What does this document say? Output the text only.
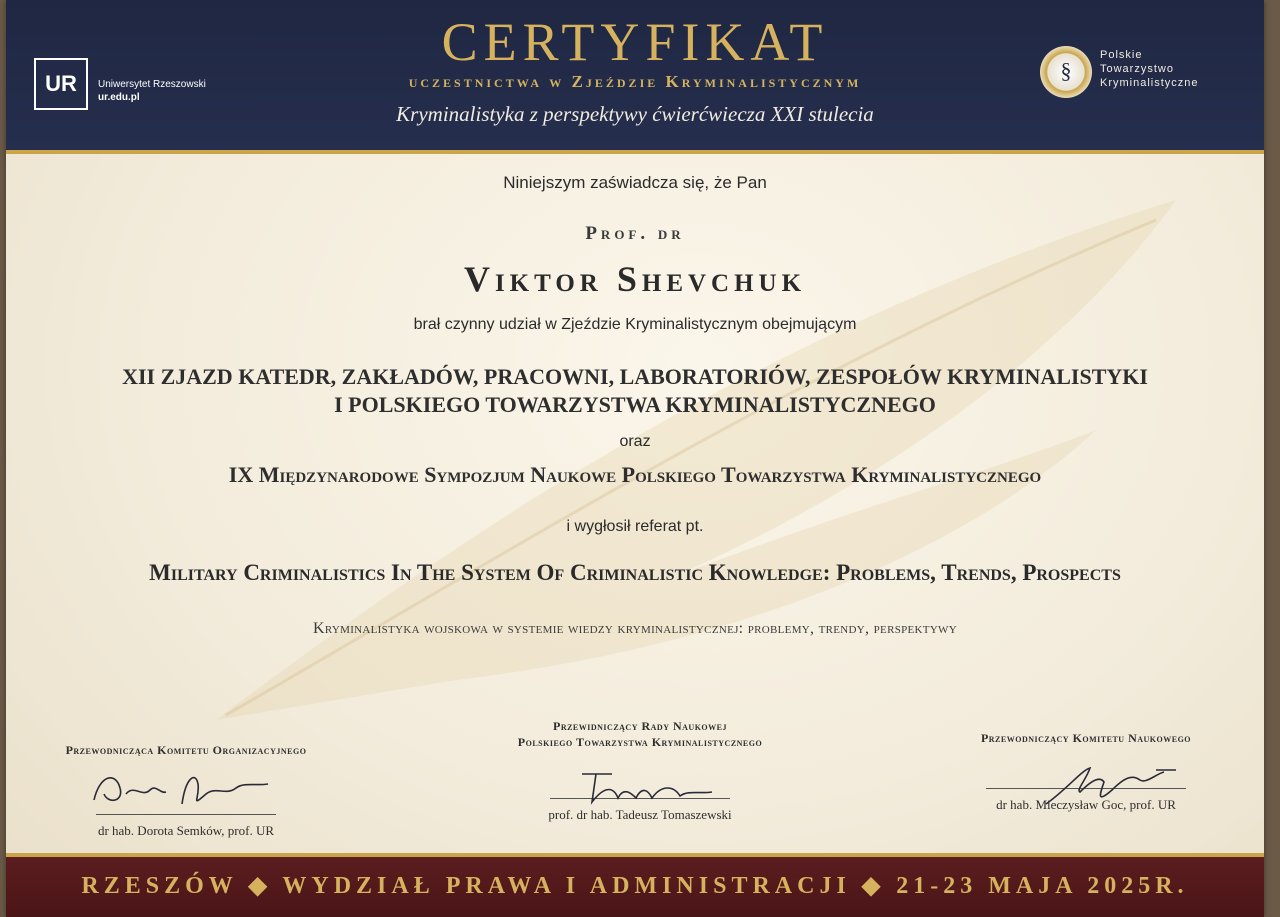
UR	Uniwersytet Rzeszowski
ur.edu.pl
CERTYFIKAT
uczestnictwa w Zjeździe Kryminalistycznym
Kryminalistyka z perspektywy ćwierćwiecza XXI stulecia
§
Polskie
Towarzystwo
Kryminalistyczne
Niniejszym zaświadcza się, że Pan
Prof. dr
Viktor Shevchuk
brał czynny udział w Zjeździe Kryminalistycznym obejmującym
XII ZJAZD KATEDR, ZAKŁADÓW, PRACOWNI, LABORATORIÓW, ZESPOŁÓW KRYMINALISTYKI
I POLSKIEGO TOWARZYSTWA KRYMINALISTYCZNEGO
oraz
IX Międzynarodowe Sympozjum Naukowe Polskiego Towarzystwa Kryminalistycznego
i wygłosił referat pt.
Military Criminalistics In The System Of Criminalistic Knowledge: Problems, Trends, Prospects
Kryminalistyka wojskowa w systemie wiedzy kryminalistycznej: problemy, trendy, perspektywy
Przewodnicząca Komitetu Organizacyjnego
dr hab. Dorota Semków, prof. UR
Przewidniczący Rady Naukowej
Polskiego Towarzystwa Kryminalistycznego
prof. dr hab. Tadeusz Tomaszewski
Przewodniczący Komitetu Naukowego
dr hab. Mieczysław Goc, prof. UR
RZESZÓW ◆ WYDZIAŁ PRAWA I ADMINISTRACJI ◆ 21-23 MAJA 2025R.
